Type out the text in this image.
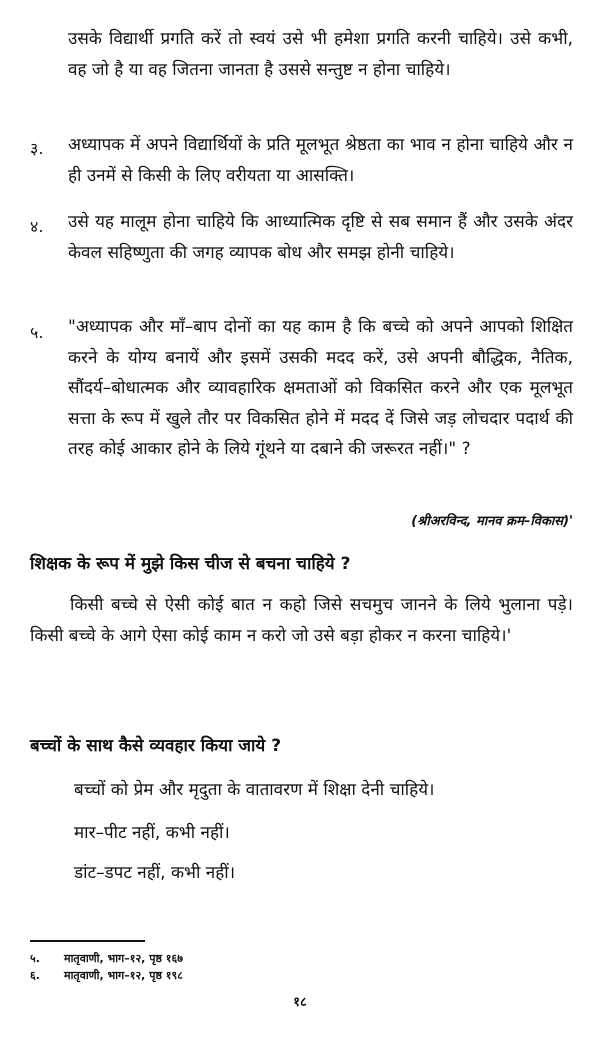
उसके विद्यार्थी प्रगति करें तो स्वयं उसे भी हमेशा प्रगति करनी चाहिये। उसे कभी, वह जो है या वह जितना जानता है उससे सन्तुष्ट न होना चाहिये।
३. अध्यापक में अपने विद्यार्थियों के प्रति मूलभूत श्रेष्ठता का भाव न होना चाहिये और न ही उनमें से किसी के लिए वरीयता या आसक्ति।
४. उसे यह मालूम होना चाहिये कि आध्यात्मिक दृष्टि से सब समान हैं और उसके अंदर केवल सहिष्णुता की जगह व्यापक बोध और समझ होनी चाहिये।
५. "अध्यापक और माँ–बाप दोनों का यह काम है कि बच्चे को अपने आपको शिक्षित करने के योग्य बनायें और इसमें उसकी मदद करें, उसे अपनी बौद्धिक, नैतिक, सौंदर्य–बोधात्मक और व्यावहारिक क्षमताओं को विकसित करने और एक मूलभूत सत्ता के रूप में खुले तौर पर विकसित होने में मदद दें जिसे जड़ लोचदार पदार्थ की तरह कोई आकार होने के लिये गूंथने या दबाने की जरूरत नहीं।" ?
(श्रीअरविन्द, मानव क्रम–विकास)'
शिक्षक के रूप में मुझे किस चीज से बचना चाहिये ?
किसी बच्चे से ऐसी कोई बात न कहो जिसे सचमुच जानने के लिये भुलाना पड़े। किसी बच्चे के आगे ऐसा कोई काम न करो जो उसे बड़ा होकर न करना चाहिये।'
बच्चों के साथ कैसे व्यवहार किया जाये ?
बच्चों को प्रेम और मृदुता के वातावरण में शिक्षा देनी चाहिये।
मार–पीट नहीं, कभी नहीं।
डांट–डपट नहीं, कभी नहीं।
५. मातृवाणी, भाग–१२, पृष्ठ १६७
६. मातृवाणी, भाग–१२, पृष्ठ १९८
१८
